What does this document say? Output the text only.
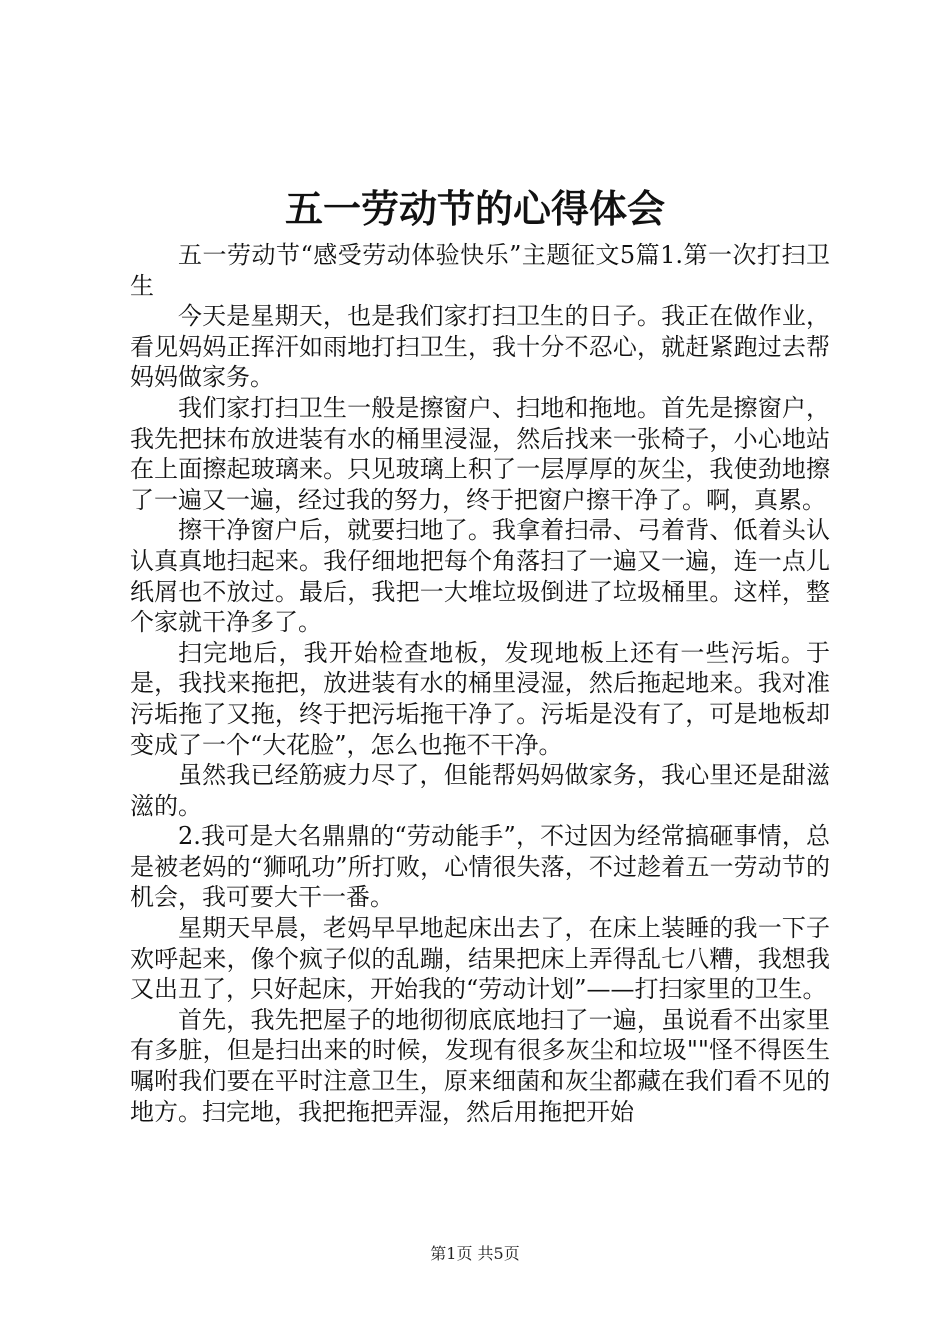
五一劳动节的心得体会

五一劳动节“感受劳动体验快乐”主题征文5篇1.第一次打扫卫生

今天是星期天，也是我们家打扫卫生的日子。我正在做作业，看见妈妈正挥汗如雨地打扫卫生，我十分不忍心，就赶紧跑过去帮妈妈做家务。

我们家打扫卫生一般是擦窗户、扫地和拖地。首先是擦窗户，我先把抹布放进装有水的桶里浸湿，然后找来一张椅子，小心地站在上面擦起玻璃来。只见玻璃上积了一层厚厚的灰尘，我使劲地擦了一遍又一遍，经过我的努力，终于把窗户擦干净了。啊，真累。

擦干净窗户后，就要扫地了。我拿着扫帚、弓着背、低着头认认真真地扫起来。我仔细地把每个角落扫了一遍又一遍，连一点儿纸屑也不放过。最后，我把一大堆垃圾倒进了垃圾桶里。这样，整个家就干净多了。

扫完地后，我开始检查地板，发现地板上还有一些污垢。于是，我找来拖把，放进装有水的桶里浸湿，然后拖起地来。我对准污垢拖了又拖，终于把污垢拖干净了。污垢是没有了，可是地板却变成了一个“大花脸”，怎么也拖不干净。

虽然我已经筋疲力尽了，但能帮妈妈做家务，我心里还是甜滋滋的。

2.我可是大名鼎鼎的“劳动能手”，不过因为经常搞砸事情，总是被老妈的“狮吼功”所打败，心情很失落，不过趁着五一劳动节的机会，我可要大干一番。

星期天早晨，老妈早早地起床出去了，在床上装睡的我一下子欢呼起来，像个疯子似的乱蹦，结果把床上弄得乱七八糟，我想我又出丑了，只好起床，开始我的“劳动计划”——打扫家里的卫生。

首先，我先把屋子的地彻彻底底地扫了一遍，虽说看不出家里有多脏，但是扫出来的时候，发现有很多灰尘和垃圾""怪不得医生嘱咐我们要在平时注意卫生，原来细菌和灰尘都藏在我们看不见的地方。扫完地，我把拖把弄湿，然后用拖把开始

第1页 共5页
